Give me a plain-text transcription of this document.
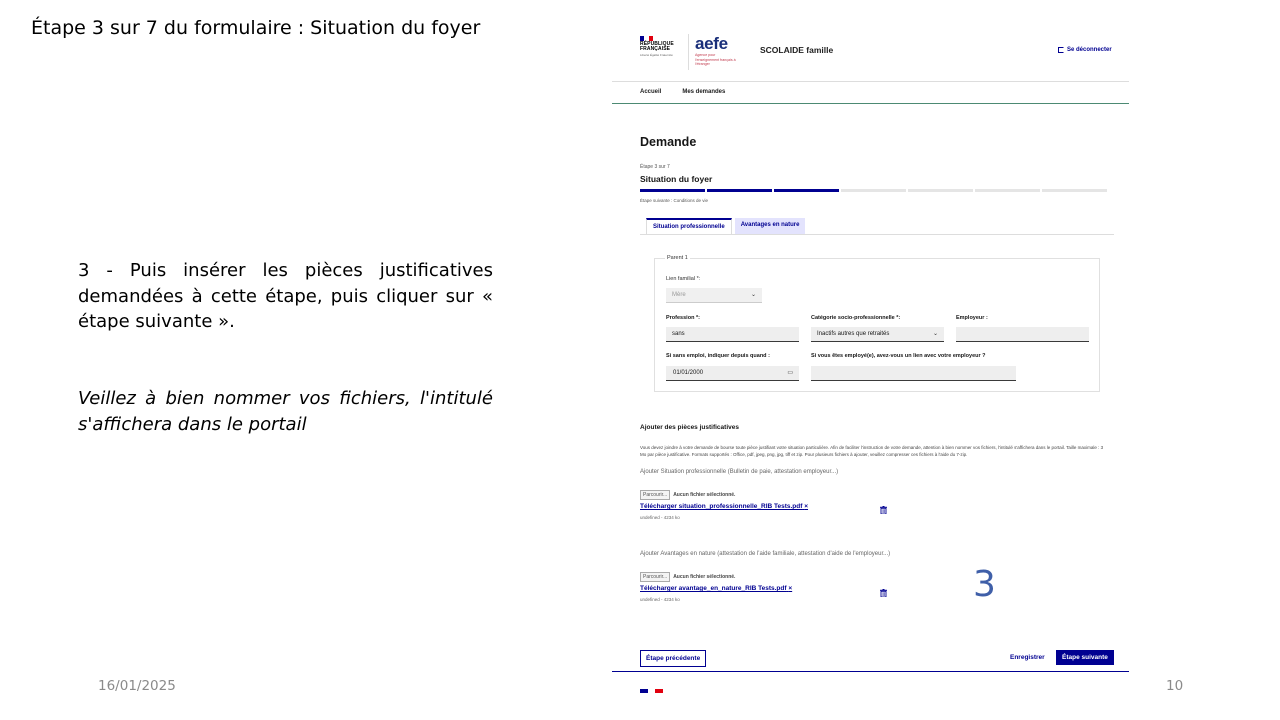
Étape 3 sur 7 du formulaire : Situation du foyer
3 - Puis insérer les pièces justificatives demandées à cette étape, puis cliquer sur « étape suivante ».
Veillez à bien nommer vos fichiers, l'intitulé s'affichera dans le portail
RÉPUBLIQUE
FRANÇAISE
Liberté Égalité Fraternité
aefe
Agence pour l'enseignement français à l'étranger
SCOLAIDE famille	Se déconnecter
Accueil	Mes demandes
Demande
Étape 3 sur 7
Situation du foyer
Étape suivante : Conditions de vie
Situation professionnelle	Avantages en nature
Parent 1
Lien familial *:
Mère	⌄
Profession *:
sans
Catégorie socio-professionnelle *:
Inactifs autres que retraités	⌄
Employeur :
Si sans emploi, indiquer depuis quand :
01/01/2000	▭
Si vous êtes employé(e), avez-vous un lien avec votre employeur ?
Ajouter des pièces justificatives
Vous devez joindre à votre demande de bourse toute pièce justifiant votre situation particulière. Afin de faciliter l'instruction de votre demande, attention à bien nommer vos fichiers, l'intitulé s'affichera dans le portail. Taille maximale : 3 Mo par pièce justificative. Formats supportés : Office, pdf, jpeg, png, jpg, tiff et zip. Pour plusieurs fichiers à ajouter, veuillez compresser ces fichiers à l'aide du 7-zip.
Ajouter Situation professionnelle (Bulletin de paie, attestation employeur...)
Parcourir...	Aucun fichier sélectionné.
Télécharger situation_professionnelle_RIB Tests.pdf ×
undefined - 4234 ko
Ajouter Avantages en nature (attestation de l'aide familiale, attestation d'aide de l'employeur...)
Parcourir...	Aucun fichier sélectionné.
Télécharger avantage_en_nature_RIB Tests.pdf ×
undefined - 4234 ko	3
Étape précédente	Enregistrer	Étape suivante
16/01/2025	10
